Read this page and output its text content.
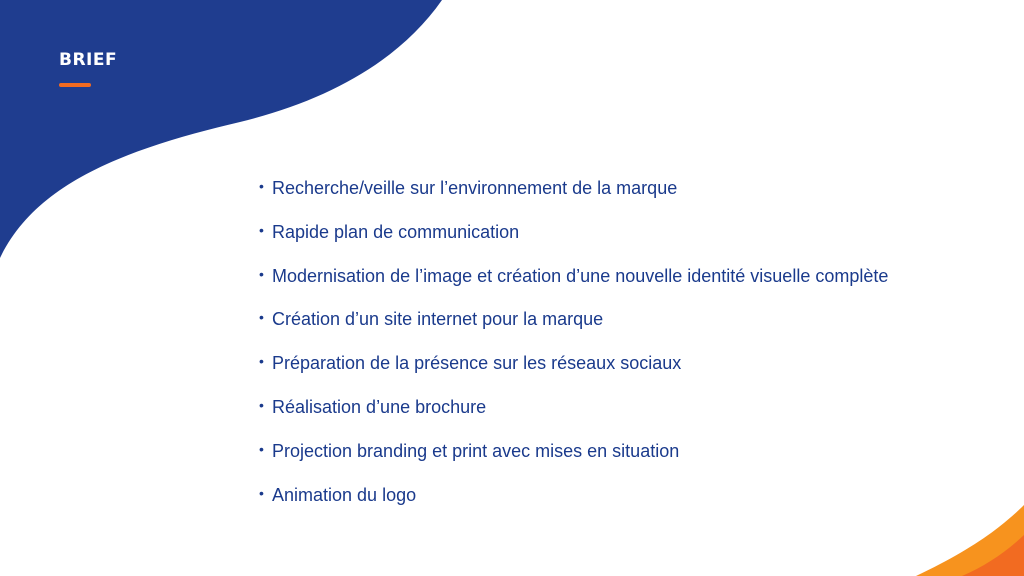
BRIEF
• Recherche/veille sur l’environnement de la marque
• Rapide plan de communication
• Modernisation de l’image et création d’une nouvelle identité visuelle complète
• Création d’un site internet pour la marque
• Préparation de la présence sur les réseaux sociaux
• Réalisation d’une brochure
• Projection branding et print avec mises en situation
• Animation du logo
